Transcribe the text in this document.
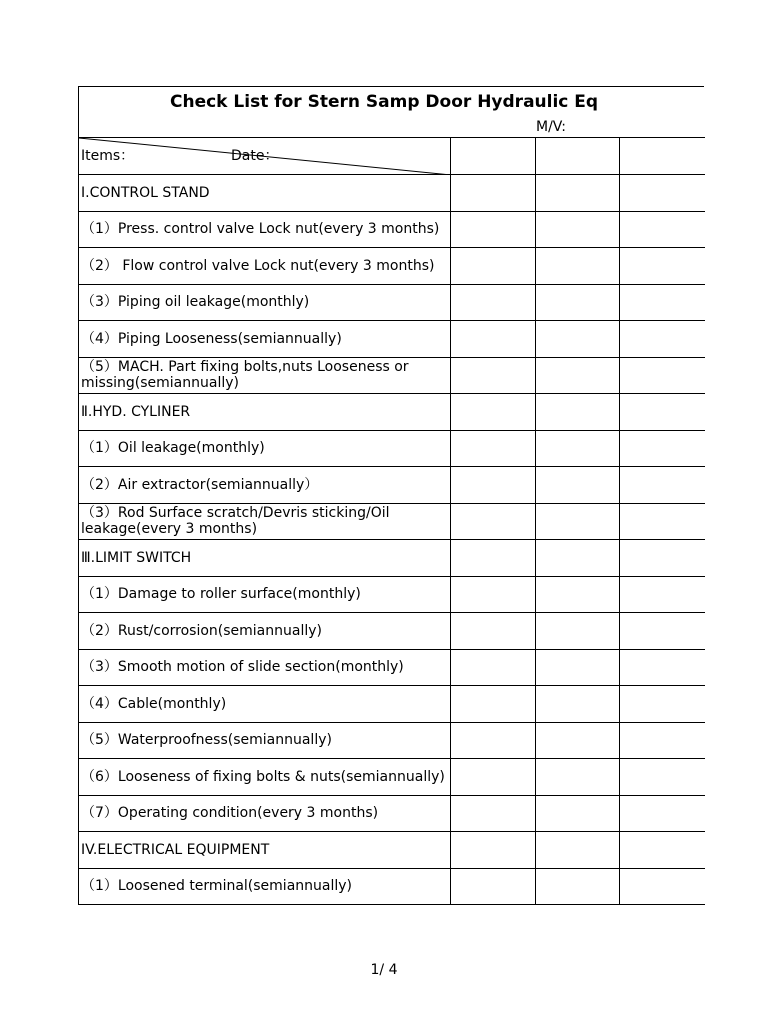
Check List for Stern Samp Door Hydraulic Eq
M/V:
Items： Date：			

I.CONTROL STAND			
（1）Press. control valve Lock nut(every 3 months)			
（2） Flow control valve Lock nut(every 3 months)			
（3）Piping oil leakage(monthly)			
（4）Piping Looseness(semiannually)			
（5）MACH. Part fixing bolts,nuts Looseness or missing(semiannually)			
Ⅱ.HYD. CYLINER			
（1）Oil leakage(monthly)			
（2）Air extractor(semiannually）			
（3）Rod Surface scratch/Devris sticking/Oil leakage(every 3 months)			
Ⅲ.LIMIT SWITCH			
（1）Damage to roller surface(monthly)			
（2）Rust/corrosion(semiannually)			
（3）Smooth motion of slide section(monthly)			
（4）Cable(monthly)			
（5）Waterproofness(semiannually)			
（6）Looseness of fixing bolts & nuts(semiannually)			
（7）Operating condition(every 3 months)			
IV.ELECTRICAL EQUIPMENT			
（1）Loosened terminal(semiannually)			
1/ 4
